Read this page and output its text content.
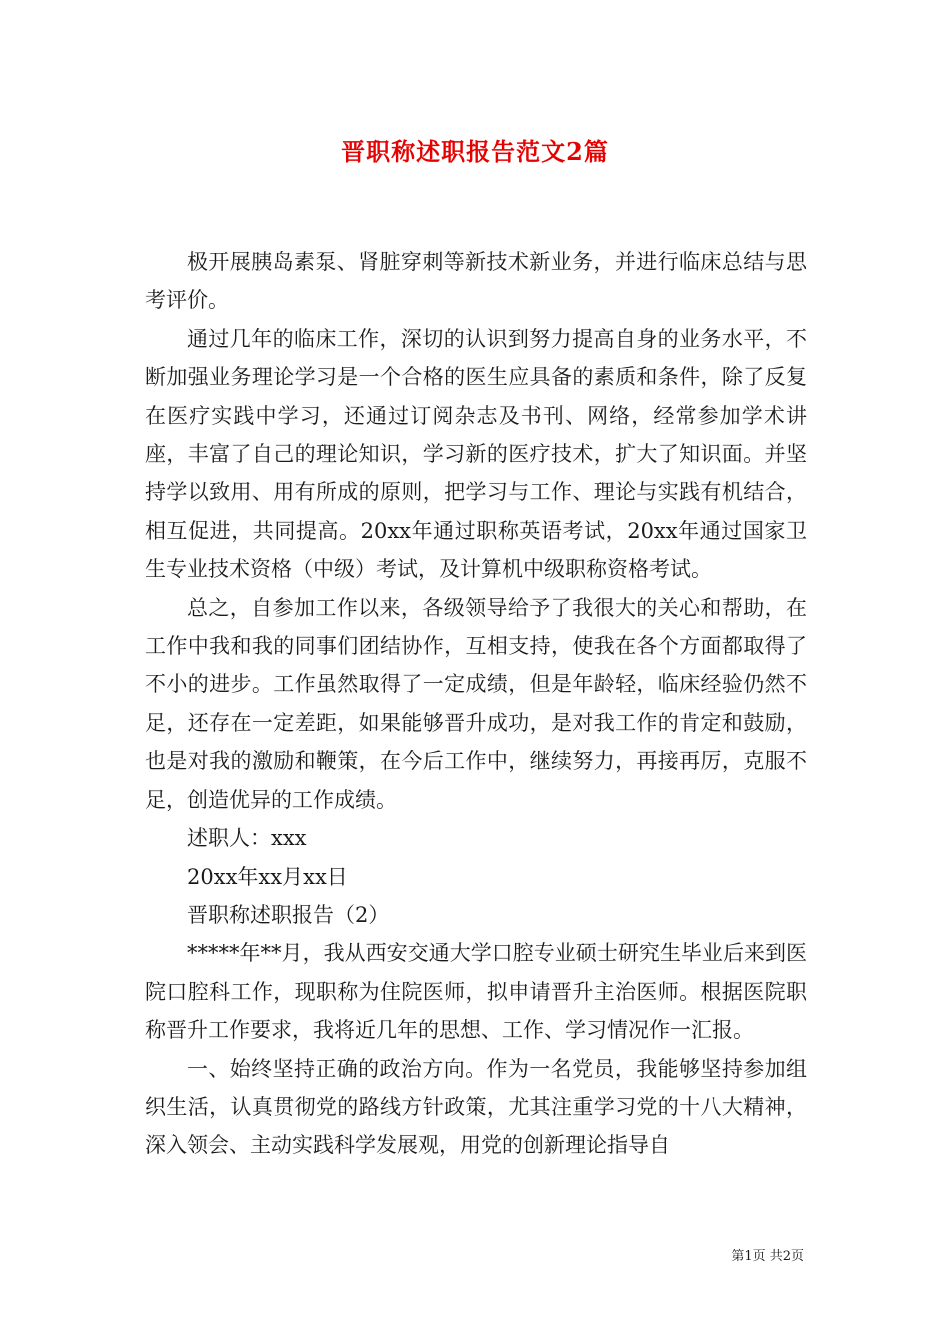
晋职称述职报告范文2篇

极开展胰岛素泵、肾脏穿刺等新技术新业务，并进行临床总结与思考评价。

通过几年的临床工作，深切的认识到努力提高自身的业务水平，不断加强业务理论学习是一个合格的医生应具备的素质和条件，除了反复在医疗实践中学习，还通过订阅杂志及书刊、网络，经常参加学术讲座，丰富了自己的理论知识，学习新的医疗技术，扩大了知识面。并坚持学以致用、用有所成的原则，把学习与工作、理论与实践有机结合，相互促进，共同提高。20xx年通过职称英语考试，20xx年通过国家卫生专业技术资格（中级）考试，及计算机中级职称资格考试。

总之，自参加工作以来，各级领导给予了我很大的关心和帮助，在工作中我和我的同事们团结协作，互相支持，使我在各个方面都取得了不小的进步。工作虽然取得了一定成绩，但是年龄轻，临床经验仍然不足，还存在一定差距，如果能够晋升成功，是对我工作的肯定和鼓励，也是对我的激励和鞭策，在今后工作中，继续努力，再接再厉，克服不足，创造优异的工作成绩。

述职人：xxx

20xx年xx月xx日

晋职称述职报告（2）

*****年**月，我从西安交通大学口腔专业硕士研究生毕业后来到医院口腔科工作，现职称为住院医师，拟申请晋升主治医师。根据医院职称晋升工作要求，我将近几年的思想、工作、学习情况作一汇报。

一、始终坚持正确的政治方向。作为一名党员，我能够坚持参加组织生活，认真贯彻党的路线方针政策，尤其注重学习党的十八大精神，深入领会、主动实践科学发展观，用党的创新理论指导自

第1页 共2页
